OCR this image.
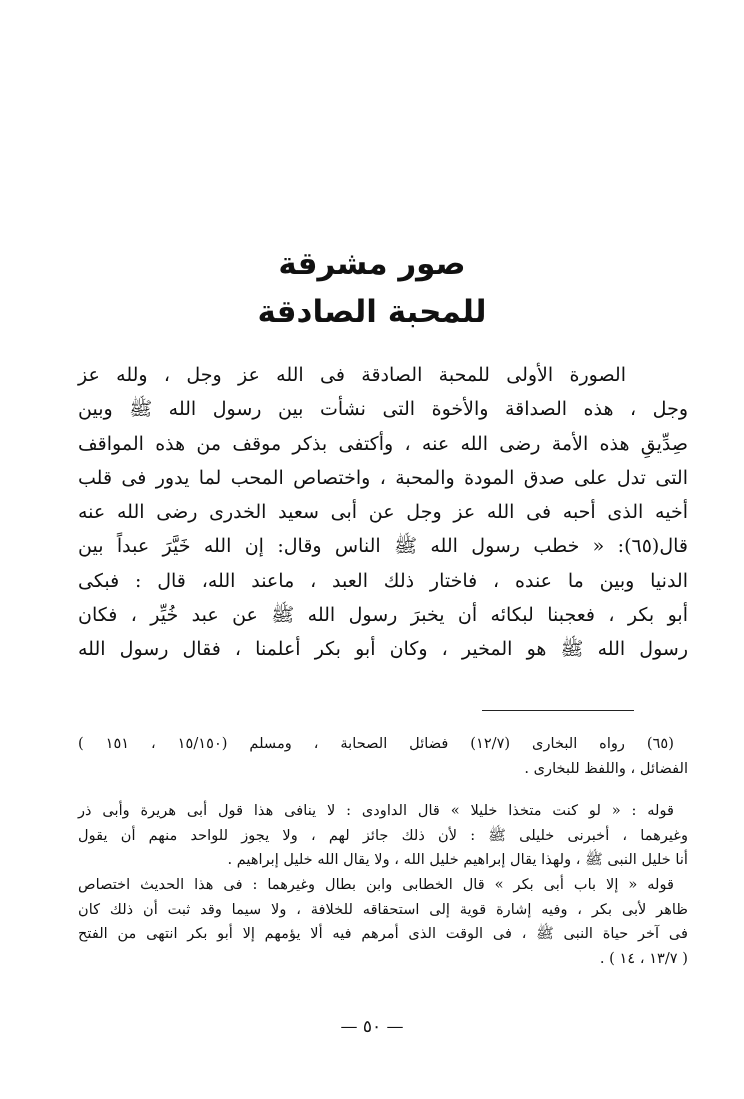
صور مشرقة
للمحبة الصادقة
الصورة الأولى للمحبة الصادقة فى الله عز وجل ، ولله عز
وجل ، هذه الصداقة والأخوة التى نشأت بين رسول الله ﷺ وبين
صِدِّيقِ هذه الأمة رضى الله عنه ، وأكتفى بذكر موقف من هذه المواقف
التى تدل على صدق المودة والمحبة ، واختصاص المحب لما يدور فى قلب
أخيه الذى أحبه فى الله عز وجل عن أبى سعيد الخدرى رضى الله عنه
قال(٦٥): « خطب رسول الله ﷺ الناس وقال: إن الله خَيَّرَ عبداً بين
الدنيا وبين ما عنده ، فاختار ذلك العبد ، ماعند الله، قال : فبكى
أبو بكر ، فعجبنا لبكائه أن يخبرَ رسول الله ﷺ عن عبد خُيِّر ، فكان
رسول الله ﷺ هو المخير ، وكان أبو بكر أعلمنا ، فقال رسول الله
(٦٥) رواه البخارى (١٢/٧) فضائل الصحابة ، ومسلم (١٥/١٥٠ ، ١٥١ )
الفضائل ، واللفظ للبخارى .
قوله : « لو كنت متخذا خليلا » قال الداودى : لا ينافى هذا قول أبى هريرة وأبى ذر
وغيرهما ، أخبرنى خليلى ﷺ : لأن ذلك جائز لهم ، ولا يجوز للواحد منهم أن يقول
أنا خليل النبى ﷺ ، ولهذا يقال إبراهيم خليل الله ، ولا يقال الله خليل إبراهيم .
قوله « إلا باب أبى بكر » قال الخطابى وابن بطال وغيرهما : فى هذا الحديث اختصاص
ظاهر لأبى بكر ، وفيه إشارة قوية إلى استحقاقه للخلافة ، ولا سيما وقد ثبت أن ذلك كان
فى آخر حياة النبى ﷺ ، فى الوقت الذى أمرهم فيه ألا يؤمهم إلا أبو بكر انتهى من الفتح
( ١٣/٧ ، ١٤ ) .
— ٥٠ —
